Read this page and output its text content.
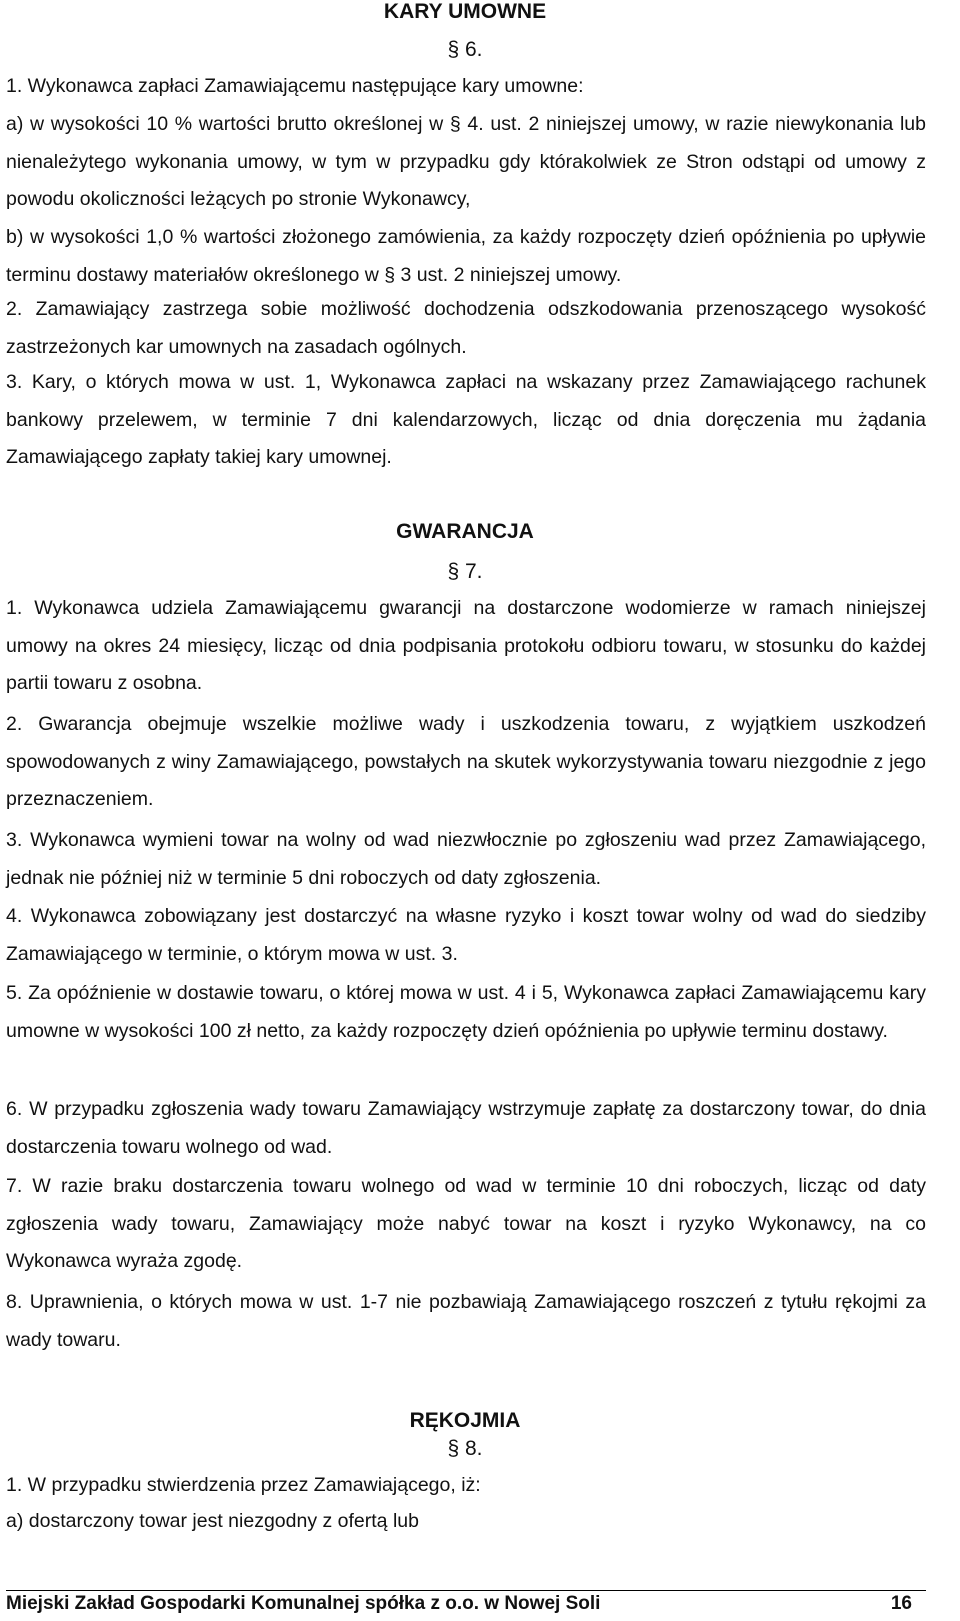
KARY UMOWNE
§ 6.

1. Wykonawca zapłaci Zamawiającemu następujące kary umowne:

a) w wysokości 10 % wartości brutto określonej w § 4. ust. 2 niniejszej umowy, w razie niewykonania lub nienależytego wykonania umowy, w tym w przypadku gdy którakolwiek ze Stron odstąpi od umowy z powodu okoliczności leżących po stronie Wykonawcy,

b) w wysokości 1,0 % wartości złożonego zamówienia, za każdy rozpoczęty dzień opóźnienia po upływie terminu dostawy materiałów określonego w § 3 ust. 2 niniejszej umowy.

2. Zamawiający zastrzega sobie możliwość dochodzenia odszkodowania przenoszącego wysokość zastrzeżonych kar umownych na zasadach ogólnych.

3. Kary, o których mowa w ust. 1, Wykonawca zapłaci na wskazany przez Zamawiającego rachunek bankowy przelewem, w terminie 7 dni kalendarzowych, licząc od dnia doręczenia mu żądania Zamawiającego zapłaty takiej kary umownej.

GWARANCJA
§ 7.

1. Wykonawca udziela Zamawiającemu gwarancji na dostarczone wodomierze w ramach niniejszej umowy na okres 24 miesięcy, licząc od dnia podpisania protokołu odbioru towaru, w stosunku do każdej partii towaru z osobna.

2. Gwarancja obejmuje wszelkie możliwe wady i uszkodzenia towaru, z wyjątkiem uszkodzeń spowodowanych z winy Zamawiającego, powstałych na skutek wykorzystywania towaru niezgodnie z jego przeznaczeniem.

3. Wykonawca wymieni towar na wolny od wad niezwłocznie po zgłoszeniu wad przez Zamawiającego, jednak nie później niż w terminie 5 dni roboczych od daty zgłoszenia.

4. Wykonawca zobowiązany jest dostarczyć na własne ryzyko i koszt towar wolny od wad do siedziby Zamawiającego w terminie, o którym mowa w ust. 3.

5. Za opóźnienie w dostawie towaru, o której mowa w ust. 4 i 5, Wykonawca zapłaci Zamawiającemu kary umowne w wysokości 100 zł netto, za każdy rozpoczęty dzień opóźnienia po upływie terminu dostawy.

6. W przypadku zgłoszenia wady towaru Zamawiający wstrzymuje zapłatę za dostarczony towar, do dnia dostarczenia towaru wolnego od wad.

7. W razie braku dostarczenia towaru wolnego od wad w terminie 10 dni roboczych, licząc od daty zgłoszenia wady towaru, Zamawiający może nabyć towar na koszt i ryzyko Wykonawcy, na co Wykonawca wyraża zgodę.

8. Uprawnienia, o których mowa w ust. 1-7 nie pozbawiają Zamawiającego roszczeń z tytułu rękojmi za wady towaru.

RĘKOJMIA
§ 8.

1. W przypadku stwierdzenia przez Zamawiającego, iż:

a) dostarczony towar jest niezgodny z ofertą lub

Miejski Zakład Gospodarki Komunalnej spółka z o.o. w Nowej Soli	16
